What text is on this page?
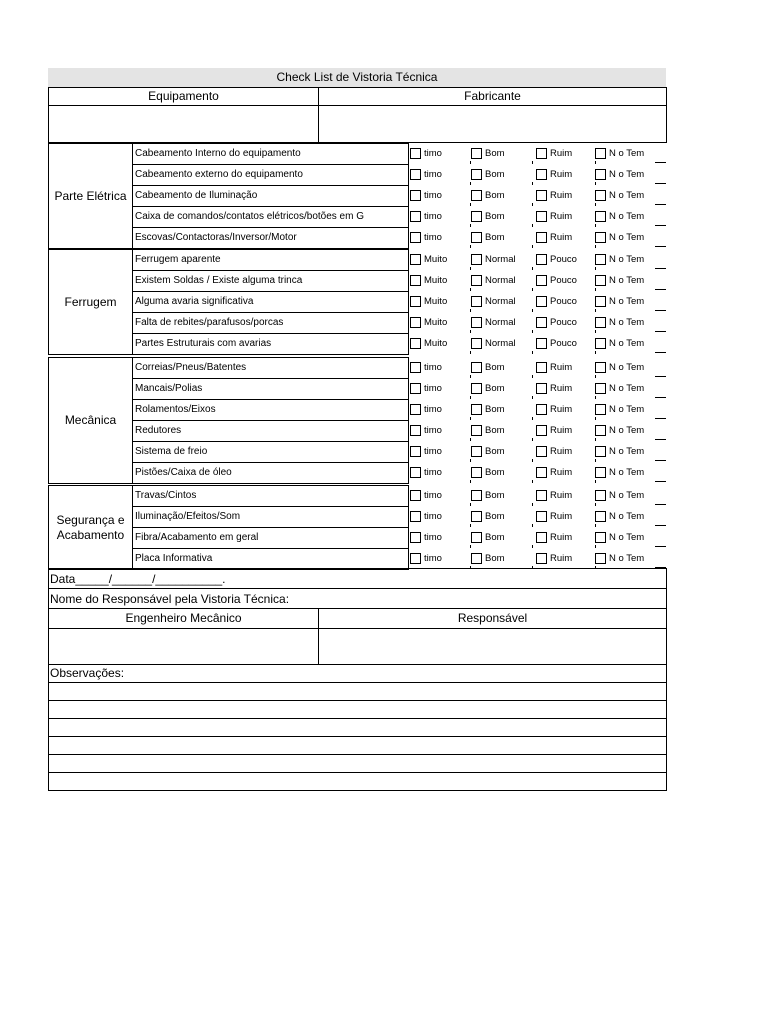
Check List de Vistoria Técnica
Equipamento	Fabricante
Parte Elétrica
Cabeamento Interno do equipamento	timo	Bom	Ruim	N o Tem
Cabeamento externo do equipamento	timo	Bom	Ruim	N o Tem
Cabeamento de Iluminação	timo	Bom	Ruim	N o Tem
Caixa de comandos/contatos elétricos/botões em G	timo	Bom	Ruim	N o Tem
Escovas/Contactoras/Inversor/Motor	timo	Bom	Ruim	N o Tem
Ferrugem
Ferrugem aparente	Muito	Normal	Pouco	N o Tem
Existem Soldas / Existe alguma trinca	Muito	Normal	Pouco	N o Tem
Alguma avaria significativa	Muito	Normal	Pouco	N o Tem
Falta de rebites/parafusos/porcas	Muito	Normal	Pouco	N o Tem
Partes Estruturais com avarias	Muito	Normal	Pouco	N o Tem
Mecânica
Correias/Pneus/Batentes	timo	Bom	Ruim	N o Tem
Mancais/Polias	timo	Bom	Ruim	N o Tem
Rolamentos/Eixos	timo	Bom	Ruim	N o Tem
Redutores	timo	Bom	Ruim	N o Tem
Sistema de freio	timo	Bom	Ruim	N o Tem
Pistões/Caixa de óleo	timo	Bom	Ruim	N o Tem
Segurança e Acabamento
Travas/Cintos	timo	Bom	Ruim	N o Tem
Iluminação/Efeitos/Som	timo	Bom	Ruim	N o Tem
Fibra/Acabamento em geral	timo	Bom	Ruim	N o Tem
Placa Informativa	timo	Bom	Ruim	N o Tem
Data_____/______/__________.
Nome do Responsável pela Vistoria Técnica:
Engenheiro Mecânico	Responsável
Observações:
